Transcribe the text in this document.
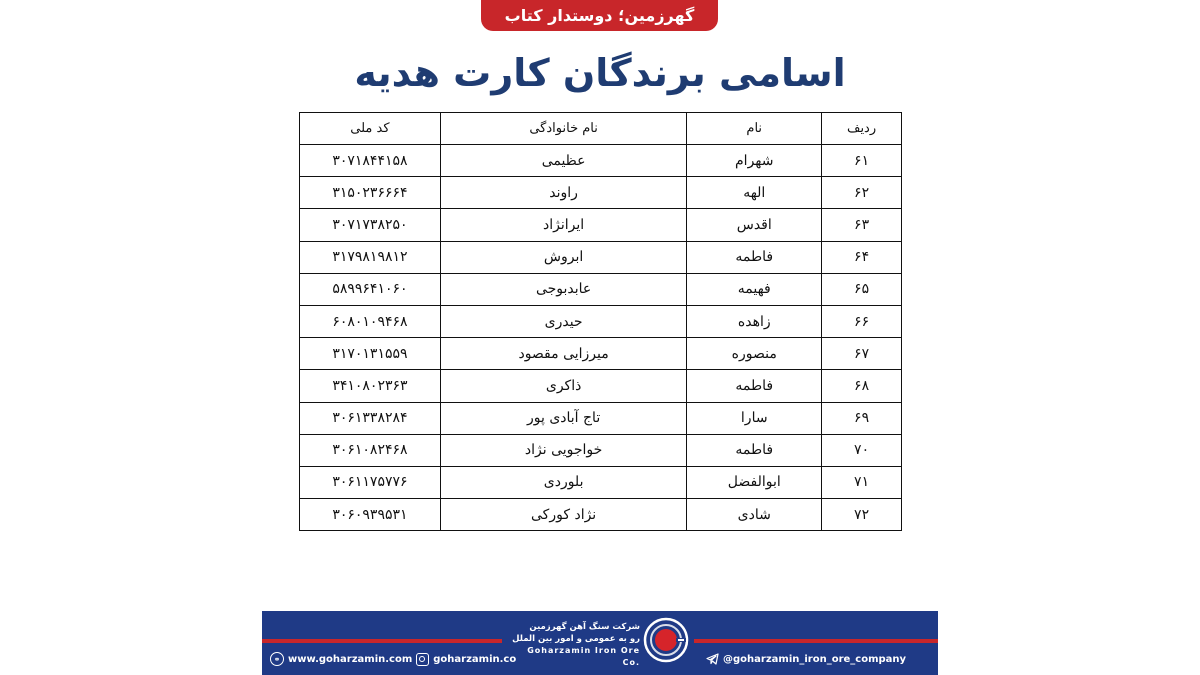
گهرزمین؛ دوستدار کتاب
اسامی برندگان کارت هدیه
ردیف	نام	نام خانوادگی	کد ملی
۶۱	شهرام	عظیمی	۳۰۷۱۸۴۴۱۵۸
۶۲	الهه	راوند	۳۱۵۰۲۳۶۶۶۴
۶۳	اقدس	ایرانژاد	۳۰۷۱۷۳۸۲۵۰
۶۴	فاطمه	ابروش	۳۱۷۹۸۱۹۸۱۲
۶۵	فهیمه	عابدبوجی	۵۸۹۹۶۴۱۰۶۰
۶۶	زاهده	حیدری	۶۰۸۰۱۰۹۴۶۸
۶۷	منصوره	میرزایی مقصود	۳۱۷۰۱۳۱۵۵۹
۶۸	فاطمه	ذاکری	۳۴۱۰۸۰۲۳۶۳
۶۹	سارا	تاج آبادی پور	۳۰۶۱۳۳۸۲۸۴
۷۰	فاطمه	خواجویی نژاد	۳۰۶۱۰۸۲۴۶۸
۷۱	ابوالفضل	بلوردی	۳۰۶۱۱۷۵۷۷۶
۷۲	شادی	نژاد کورکی	۳۰۶۰۹۳۹۵۳۱
⚭ www.goharzamin.com goharzamin.co
شرکت سنگ آهن گهرزمین
رو به عمومی و امور بین الملل
Goharzamin Iron Ore Co.	@goharzamin_iron_ore_company
